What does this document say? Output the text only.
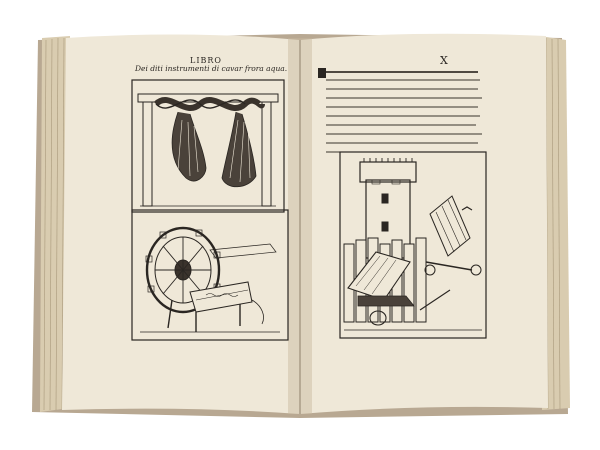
LIBRO
Dei diti instrumenti di cavar frora aqua.
X
